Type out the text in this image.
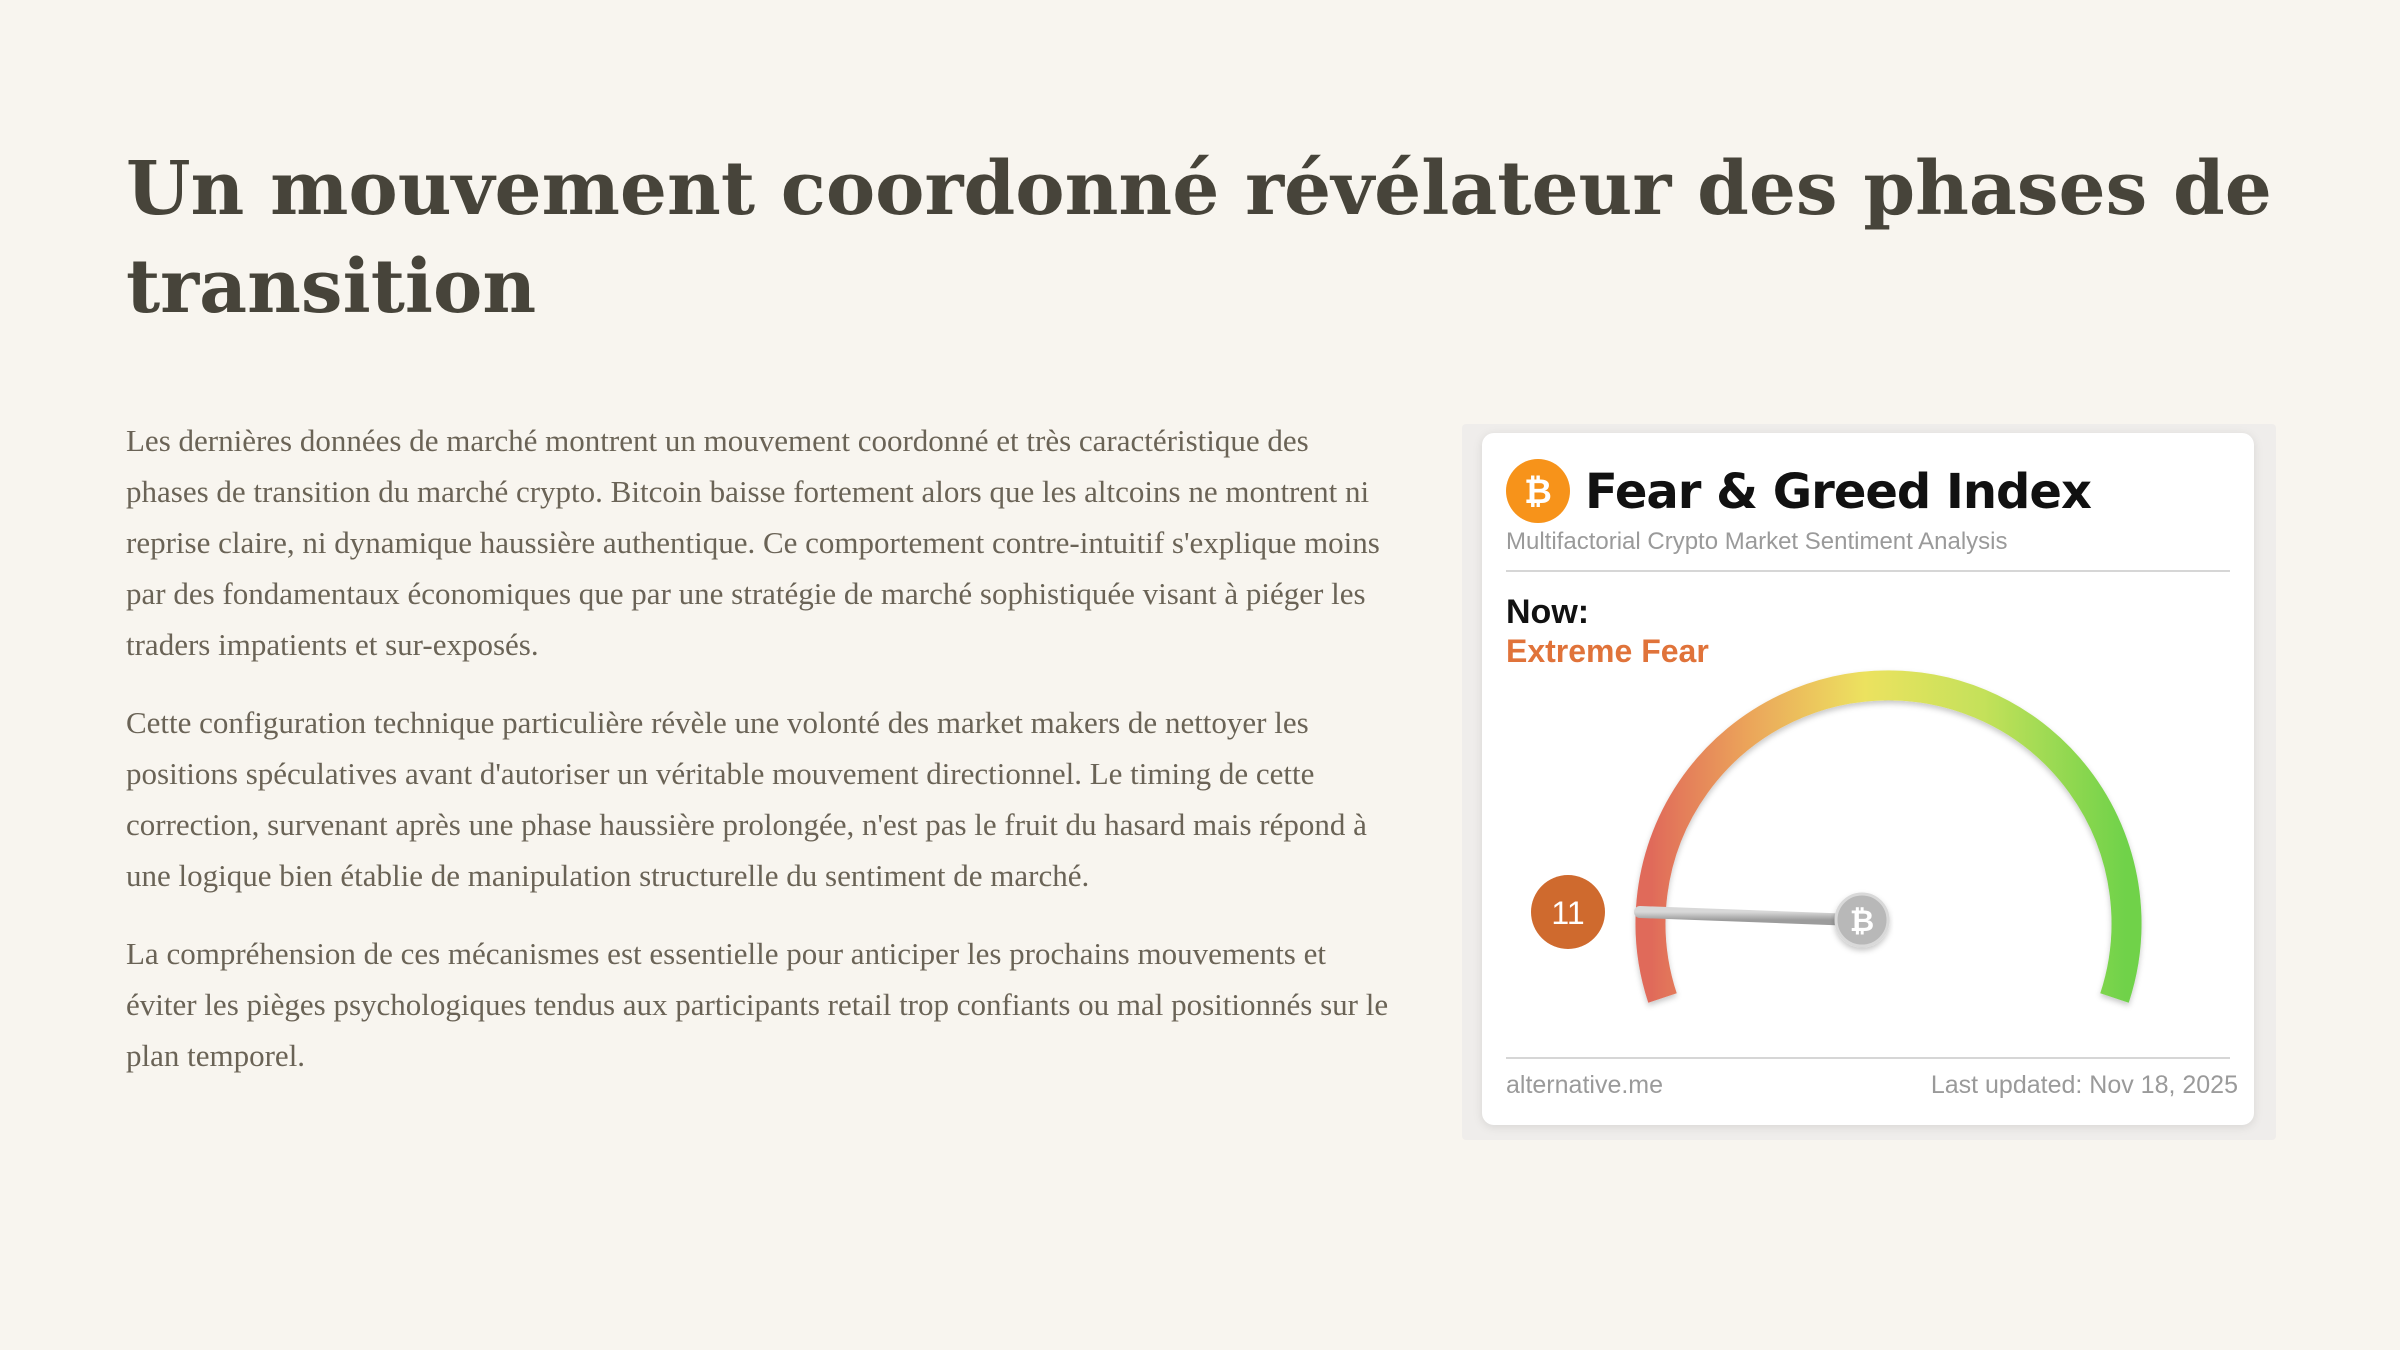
Un mouvement coordonné révélateur des phases de transition

Les dernières données de marché montrent un mouvement coordonné et très caractéristique des phases de transition du marché crypto. Bitcoin baisse fortement alors que les altcoins ne montrent ni reprise claire, ni dynamique haussière authentique. Ce comportement contre-intuitif s'explique moins par des fondamentaux économiques que par une stratégie de marché sophistiquée visant à piéger les traders impatients et sur-exposés.

Cette configuration technique particulière révèle une volonté des market makers de nettoyer les positions spéculatives avant d'autoriser un véritable mouvement directionnel. Le timing de cette correction, survenant après une phase haussière prolongée, n'est pas le fruit du hasard mais répond à une logique bien établie de manipulation structurelle du sentiment de marché.

La compréhension de ces mécanismes est essentielle pour anticiper les prochains mouvements et éviter les pièges psychologiques tendus aux participants retail trop confiants ou mal positionnés sur le plan temporel.

₿ Fear & Greed Index
Multifactorial Crypto Market Sentiment Analysis
Now:
Extreme Fear
₿
11
alternative.me	Last updated: Nov 18, 2025
